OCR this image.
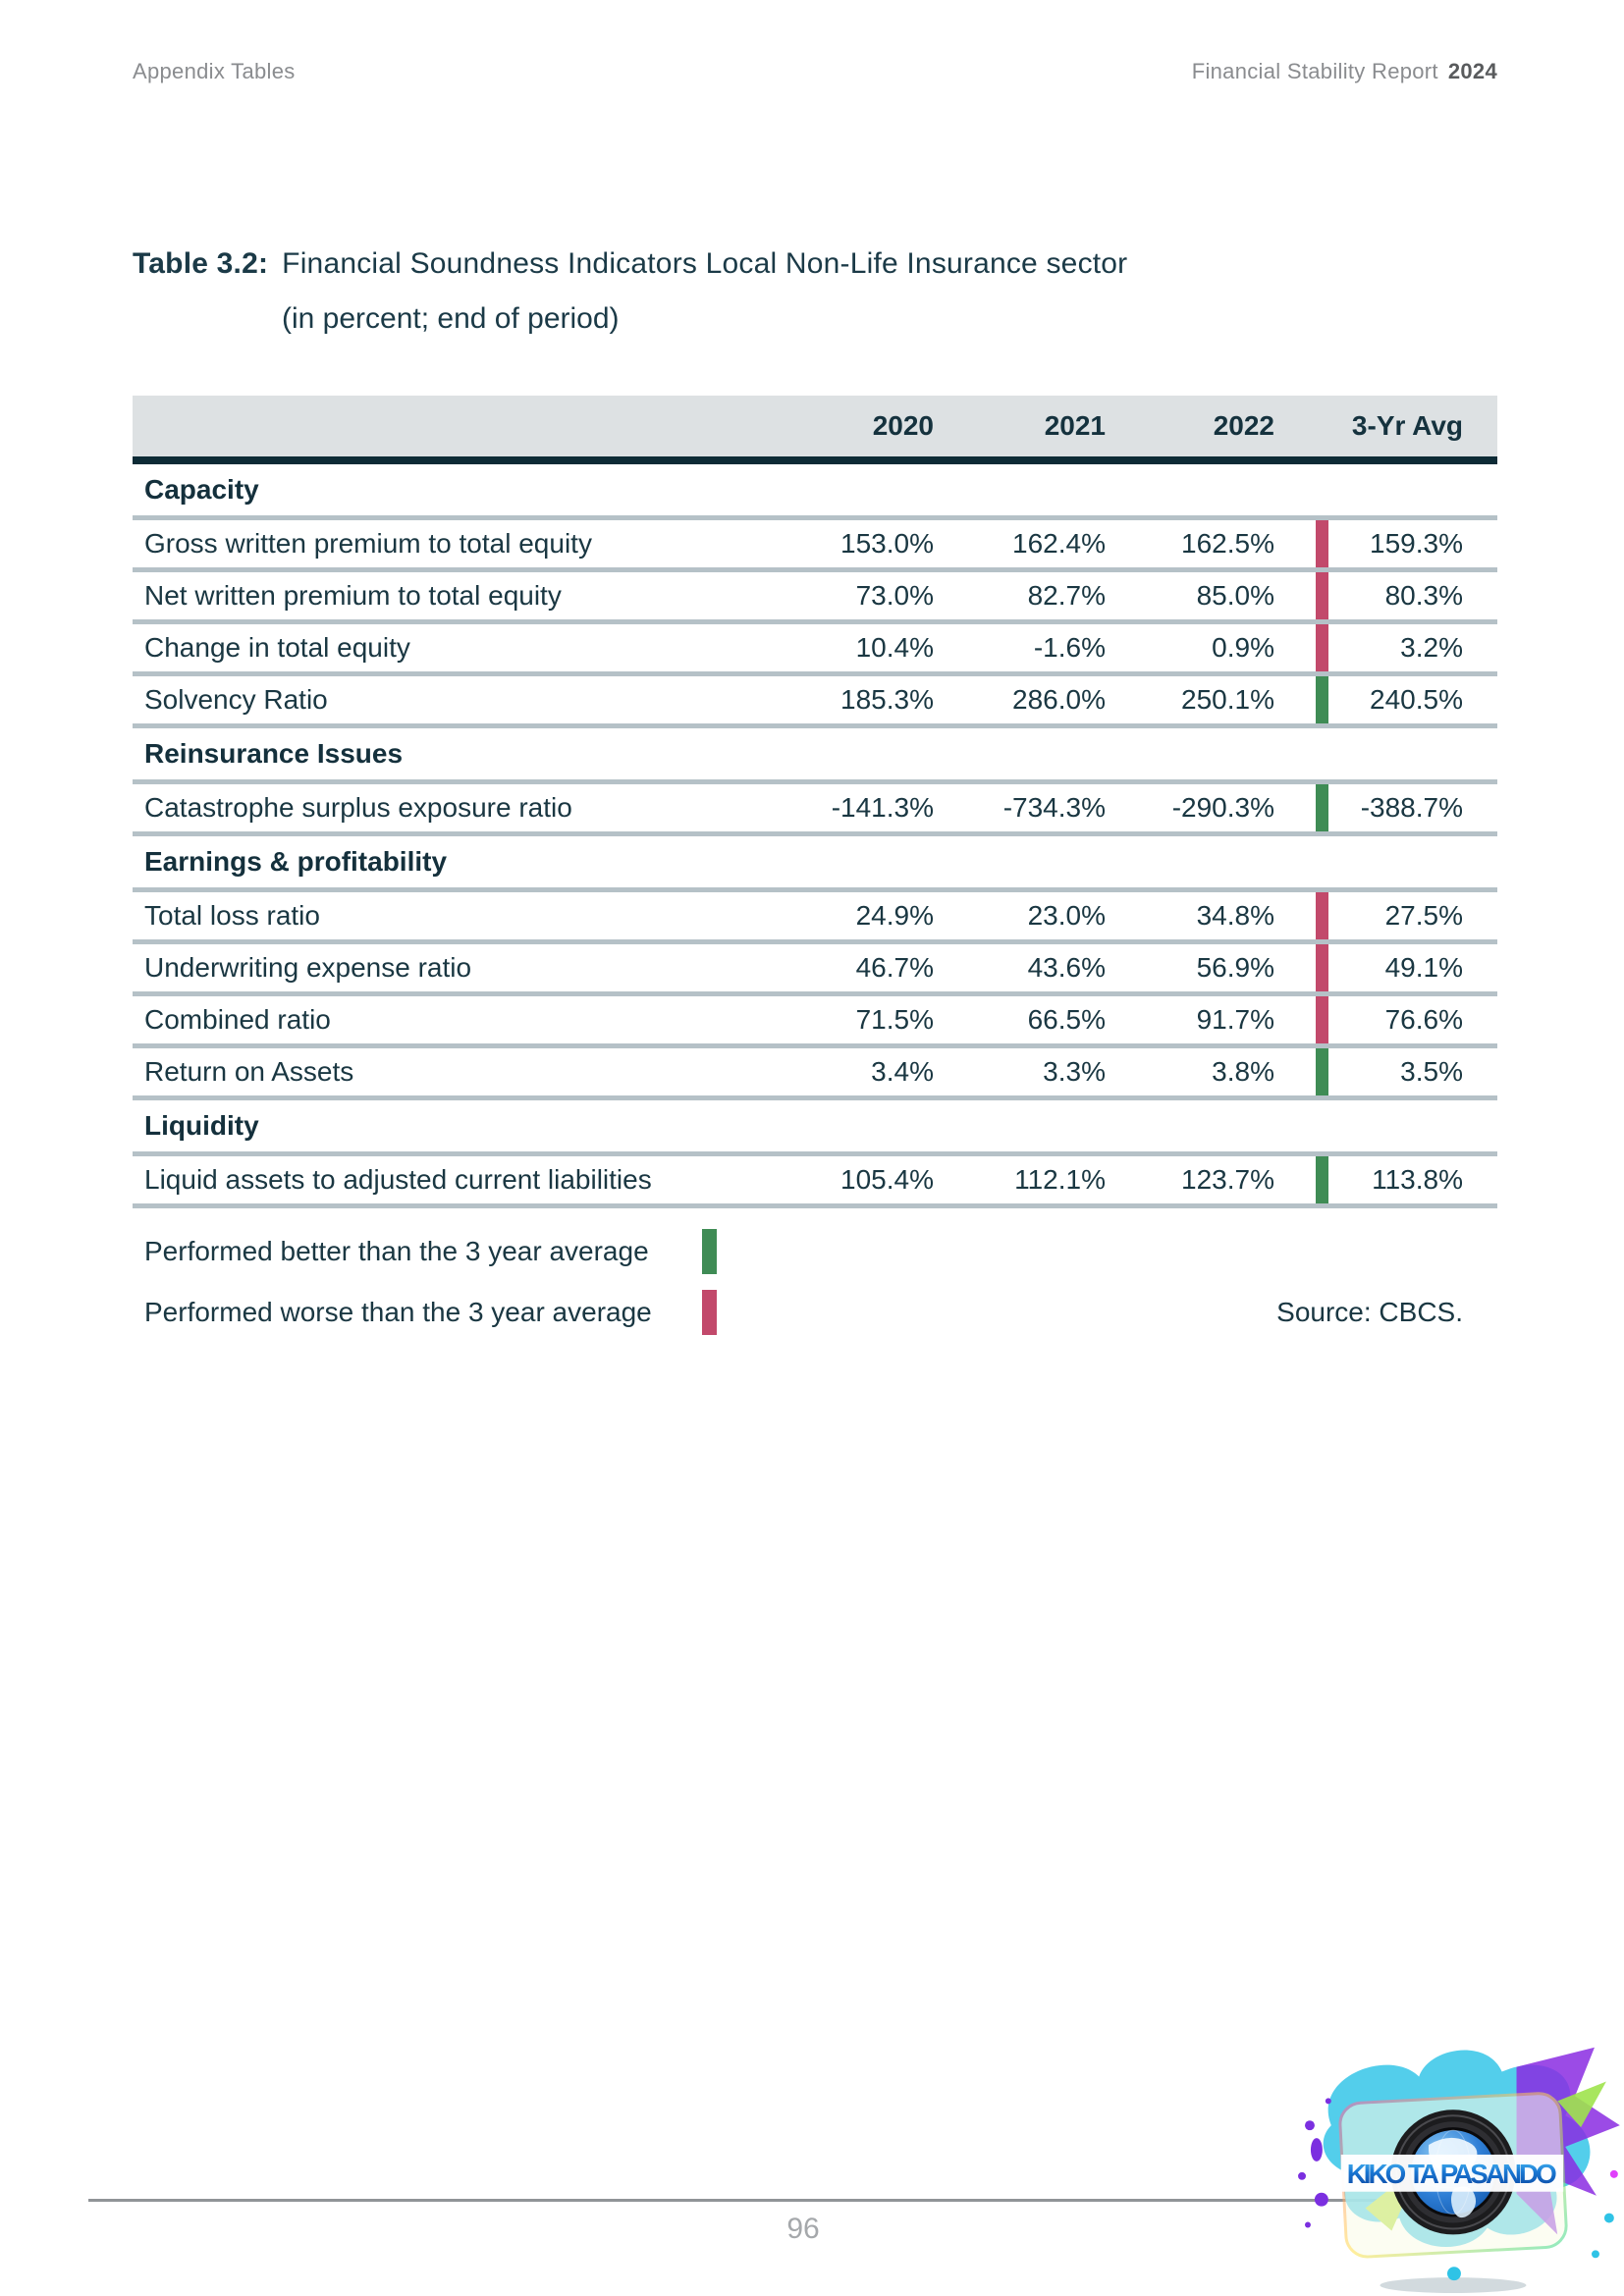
Appendix Tables	Financial Stability Report 2024
Table 3.2: Financial Soundness Indicators Local Non-Life Insurance sector
(in percent; end of period)
2020	2021	2022	3-Yr Avg
Capacity
Gross written premium to total equity	153.0%	162.4%	162.5%	159.3%
Net written premium to total equity	73.0%	82.7%	85.0%	80.3%
Change in total equity	10.4%	-1.6%	0.9%	3.2%
Solvency Ratio	185.3%	286.0%	250.1%	240.5%
Reinsurance Issues
Catastrophe surplus exposure ratio	-141.3%	-734.3%	-290.3%	-388.7%
Earnings & profitability
Total loss ratio	24.9%	23.0%	34.8%	27.5%
Underwriting expense ratio	46.7%	43.6%	56.9%	49.1%
Combined ratio	71.5%	66.5%	91.7%	76.6%
Return on Assets	3.4%	3.3%	3.8%	3.5%
Liquidity
Liquid assets to adjusted current liabilities	105.4%	112.1%	123.7%	113.8%
Performed better than the 3 year average
Performed worse than the 3 year average	Source: CBCS.
96
KIKO TA PASANDO
